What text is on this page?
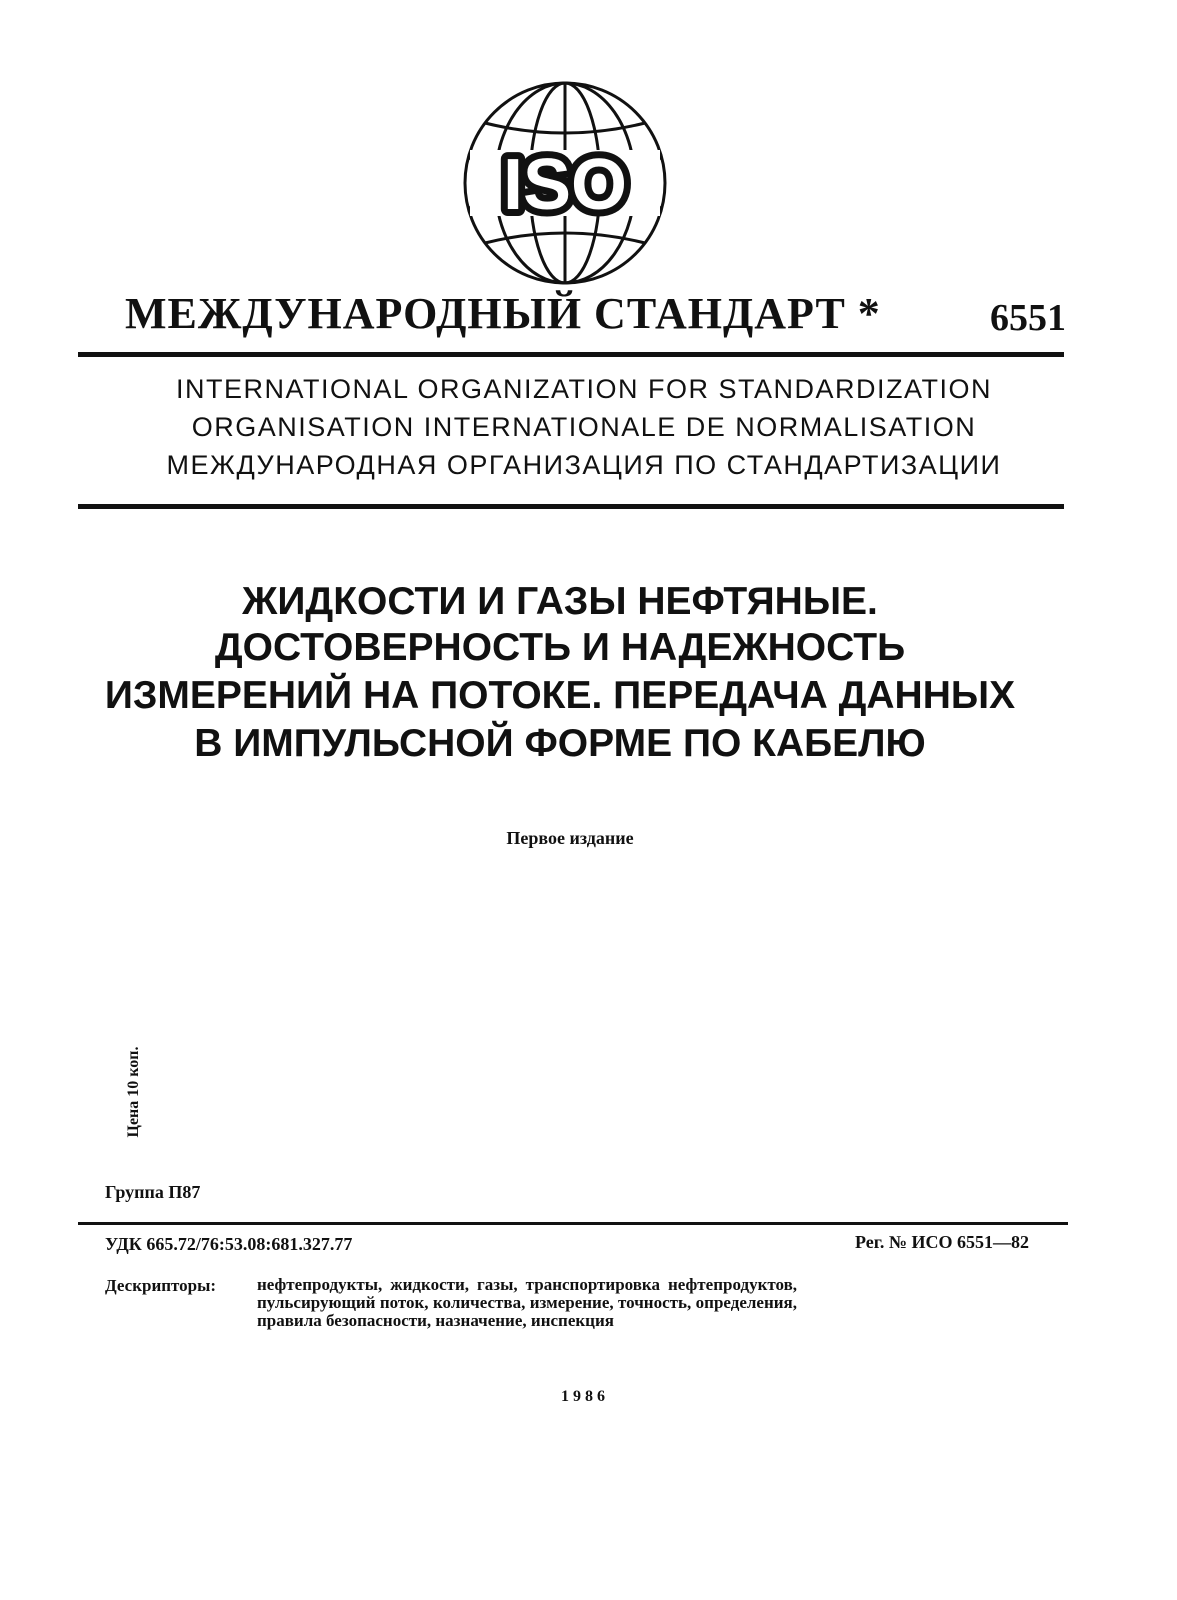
ISO
МЕЖДУНАРОДНЫЙ СТАНДАРТ *	6551
INTERNATIONAL ORGANIZATION FOR STANDARDIZATION
ORGANISATION INTERNATIONALE DE NORMALISATION
МЕЖДУНАРОДНАЯ ОРГАНИЗАЦИЯ ПО СТАНДАРТИЗАЦИИ
ЖИДКОСТИ И ГАЗЫ НЕФТЯНЫЕ.
ДОСТОВЕРНОСТЬ И НАДЕЖНОСТЬ
ИЗМЕРЕНИЙ НА ПОТОКЕ. ПЕРЕДАЧА ДАННЫХ
В ИМПУЛЬСНОЙ ФОРМЕ ПО КАБЕЛЮ
Первое издание
Цена 10 коп.
Группа П87
УДК 665.72/76:53.08:681.327.77	Рег. № ИСО 6551—82
Дескрипторы: нефтепродукты, жидкости, газы, транспортировка нефтепродуктов, пульсирующий поток, количества, измерение, точность, определения, правила безопасности, назначение, инспекция
1986
